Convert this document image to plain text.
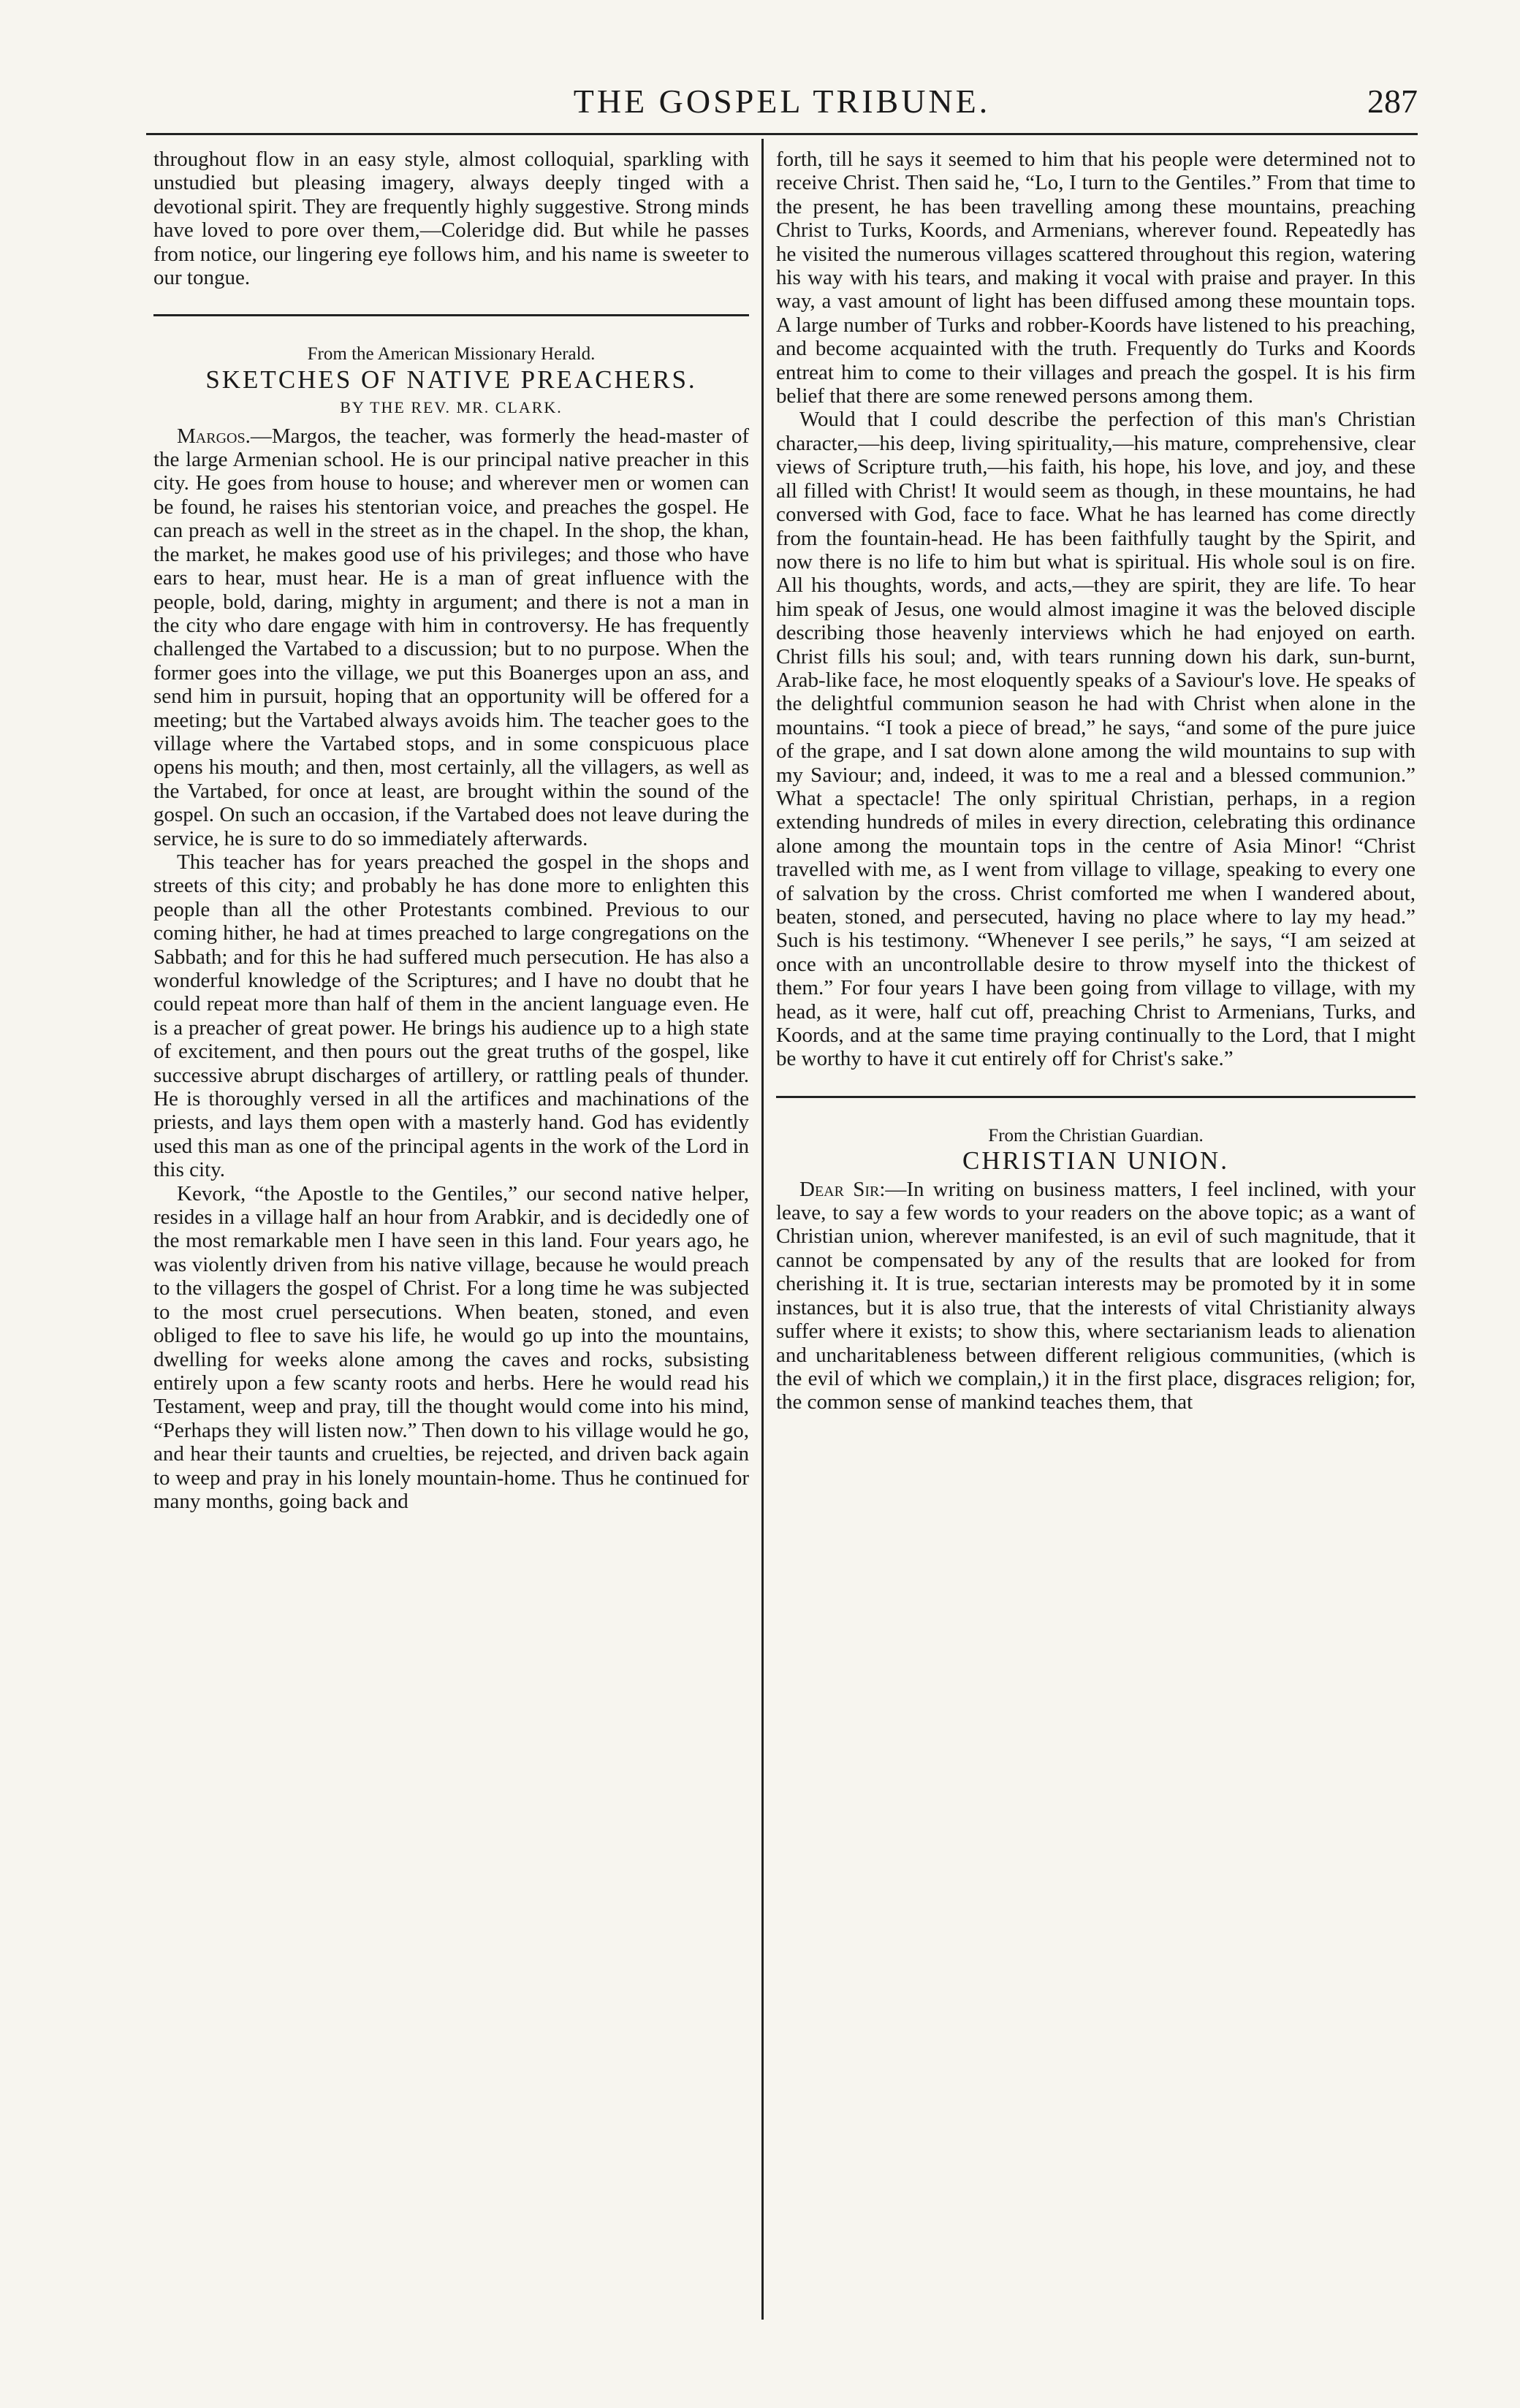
THE GOSPEL TRIBUNE.	287

throughout flow in an easy style, almost colloquial, sparkling with unstudied but pleasing imagery, always deeply tinged with a devotional spirit. They are frequently highly suggestive. Strong minds have loved to pore over them,—Coleridge did. But while he passes from notice, our lingering eye follows him, and his name is sweeter to our tongue.

From the American Missionary Herald.

SKETCHES OF NATIVE PREACHERS.

BY THE REV. MR. CLARK.

Margos.—Margos, the teacher, was formerly the head-master of the large Armenian school. He is our principal native preacher in this city. He goes from house to house; and wherever men or women can be found, he raises his stentorian voice, and preaches the gospel. He can preach as well in the street as in the chapel. In the shop, the khan, the market, he makes good use of his privileges; and those who have ears to hear, must hear. He is a man of great influence with the people, bold, daring, mighty in argument; and there is not a man in the city who dare engage with him in controversy. He has frequently challenged the Vartabed to a discussion; but to no purpose. When the former goes into the village, we put this Boanerges upon an ass, and send him in pursuit, hoping that an opportunity will be offered for a meeting; but the Vartabed always avoids him. The teacher goes to the village where the Vartabed stops, and in some conspicuous place opens his mouth; and then, most certainly, all the villagers, as well as the Vartabed, for once at least, are brought within the sound of the gospel. On such an occasion, if the Vartabed does not leave during the service, he is sure to do so immediately afterwards.

This teacher has for years preached the gospel in the shops and streets of this city; and probably he has done more to enlighten this people than all the other Protestants combined. Previous to our coming hither, he had at times preached to large congregations on the Sabbath; and for this he had suffered much persecution. He has also a wonderful knowledge of the Scriptures; and I have no doubt that he could repeat more than half of them in the ancient language even. He is a preacher of great power. He brings his audience up to a high state of excitement, and then pours out the great truths of the gospel, like successive abrupt discharges of artillery, or rattling peals of thunder. He is thoroughly versed in all the artifices and machinations of the priests, and lays them open with a masterly hand. God has evidently used this man as one of the principal agents in the work of the Lord in this city.

Kevork, “the Apostle to the Gentiles,” our second native helper, resides in a village half an hour from Arabkir, and is decidedly one of the most remarkable men I have seen in this land. Four years ago, he was violently driven from his native village, because he would preach to the villagers the gospel of Christ. For a long time he was subjected to the most cruel persecutions. When beaten, stoned, and even obliged to flee to save his life, he would go up into the mountains, dwelling for weeks alone among the caves and rocks, subsisting entirely upon a few scanty roots and herbs. Here he would read his Testament, weep and pray, till the thought would come into his mind, “Perhaps they will listen now.” Then down to his village would he go, and hear their taunts and cruelties, be rejected, and driven back again to weep and pray in his lonely mountain-home. Thus he continued for many months, going back and

forth, till he says it seemed to him that his people were determined not to receive Christ. Then said he, “Lo, I turn to the Gentiles.” From that time to the present, he has been travelling among these mountains, preaching Christ to Turks, Koords, and Armenians, wherever found. Repeatedly has he visited the numerous villages scattered throughout this region, watering his way with his tears, and making it vocal with praise and prayer. In this way, a vast amount of light has been diffused among these mountain tops. A large number of Turks and robber-Koords have listened to his preaching, and become acquainted with the truth. Frequently do Turks and Koords entreat him to come to their villages and preach the gospel. It is his firm belief that there are some renewed persons among them.

Would that I could describe the perfection of this man's Christian character,—his deep, living spirituality,—his mature, comprehensive, clear views of Scripture truth,—his faith, his hope, his love, and joy, and these all filled with Christ! It would seem as though, in these mountains, he had conversed with God, face to face. What he has learned has come directly from the fountain-head. He has been faithfully taught by the Spirit, and now there is no life to him but what is spiritual. His whole soul is on fire. All his thoughts, words, and acts,—they are spirit, they are life. To hear him speak of Jesus, one would almost imagine it was the beloved disciple describing those heavenly interviews which he had enjoyed on earth. Christ fills his soul; and, with tears running down his dark, sun-burnt, Arab-like face, he most eloquently speaks of a Saviour's love. He speaks of the delightful communion season he had with Christ when alone in the mountains. “I took a piece of bread,” he says, “and some of the pure juice of the grape, and I sat down alone among the wild mountains to sup with my Saviour; and, indeed, it was to me a real and a blessed communion.” What a spectacle! The only spiritual Christian, perhaps, in a region extending hundreds of miles in every direction, celebrating this ordinance alone among the mountain tops in the centre of Asia Minor! “Christ travelled with me, as I went from village to village, speaking to every one of salvation by the cross. Christ comforted me when I wandered about, beaten, stoned, and persecuted, having no place where to lay my head.” Such is his testimony. “Whenever I see perils,” he says, “I am seized at once with an uncontrollable desire to throw myself into the thickest of them.” For four years I have been going from village to village, with my head, as it were, half cut off, preaching Christ to Armenians, Turks, and Koords, and at the same time praying continually to the Lord, that I might be worthy to have it cut entirely off for Christ's sake.”

From the Christian Guardian.

CHRISTIAN UNION.

Dear Sir:—In writing on business matters, I feel inclined, with your leave, to say a few words to your readers on the above topic; as a want of Christian union, wherever manifested, is an evil of such magnitude, that it cannot be compensated by any of the results that are looked for from cherishing it. It is true, sectarian interests may be promoted by it in some instances, but it is also true, that the interests of vital Christianity always suffer where it exists; to show this, where sectarianism leads to alienation and uncharitableness between different religious communities, (which is the evil of which we complain,) it in the first place, disgraces religion; for, the common sense of mankind teaches them, that
